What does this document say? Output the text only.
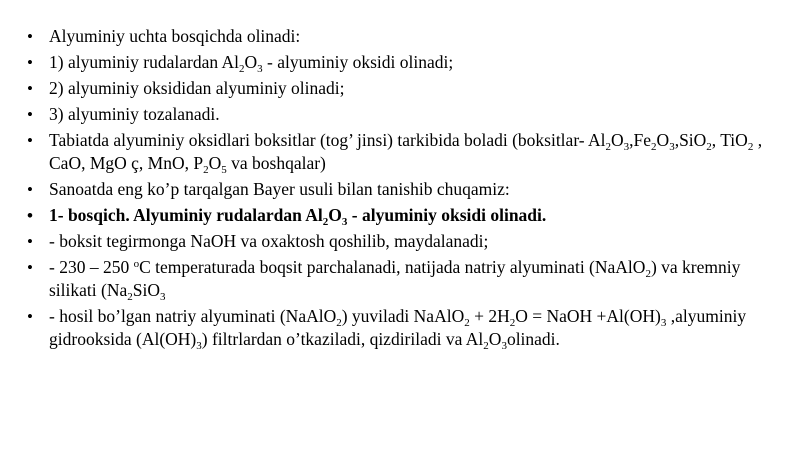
• Alyuminiy uchta bosqichda olinadi:
• 1) alyuminiy rudalardan $Al_2O_3$ - alyuminiy oksidi olinadi;
• 2) alyuminiy oksididan alyuminiy olinadi;
• 3) alyuminiy tozalanadi.
• Tabiatda alyuminiy oksidlari boksitlar (tog’ jinsi) tarkibida boladi (boksitlar- $Al_2O_3,Fe_2O_3,SiO_2$, TiO$_2$ , CaO, MgO ç, MnO, $P_2O_5$ va boshqalar)
• Sanoatda eng ko’p tarqalgan Bayer usuli bilan tanishib chuqamiz:
• 1- bosqich. Alyuminiy rudalardan $Al_2O_3$ - alyuminiy oksidi olinadi.
• - boksit tegirmonga NaOH va oxaktosh qoshilib, maydalanadi;
• - 230 – 250 $^o$C temperaturada boqsit parchalanadi, natijada natriy alyuminati (NaAlO$_2$) va kremniy silikati ($Na_2SiO_3$
• - hosil bo’lgan natriy alyuminati (NaAlO$_2$) yuviladi NaAlO$_2$ + $2H_2O$ = NaOH $+Al(OH)_3$ ,alyuminiy gidrooksida $(Al(OH)_3)$ filtrlardan o’tkaziladi, qizdiriladi va $Al_2O_3olinadi$.
